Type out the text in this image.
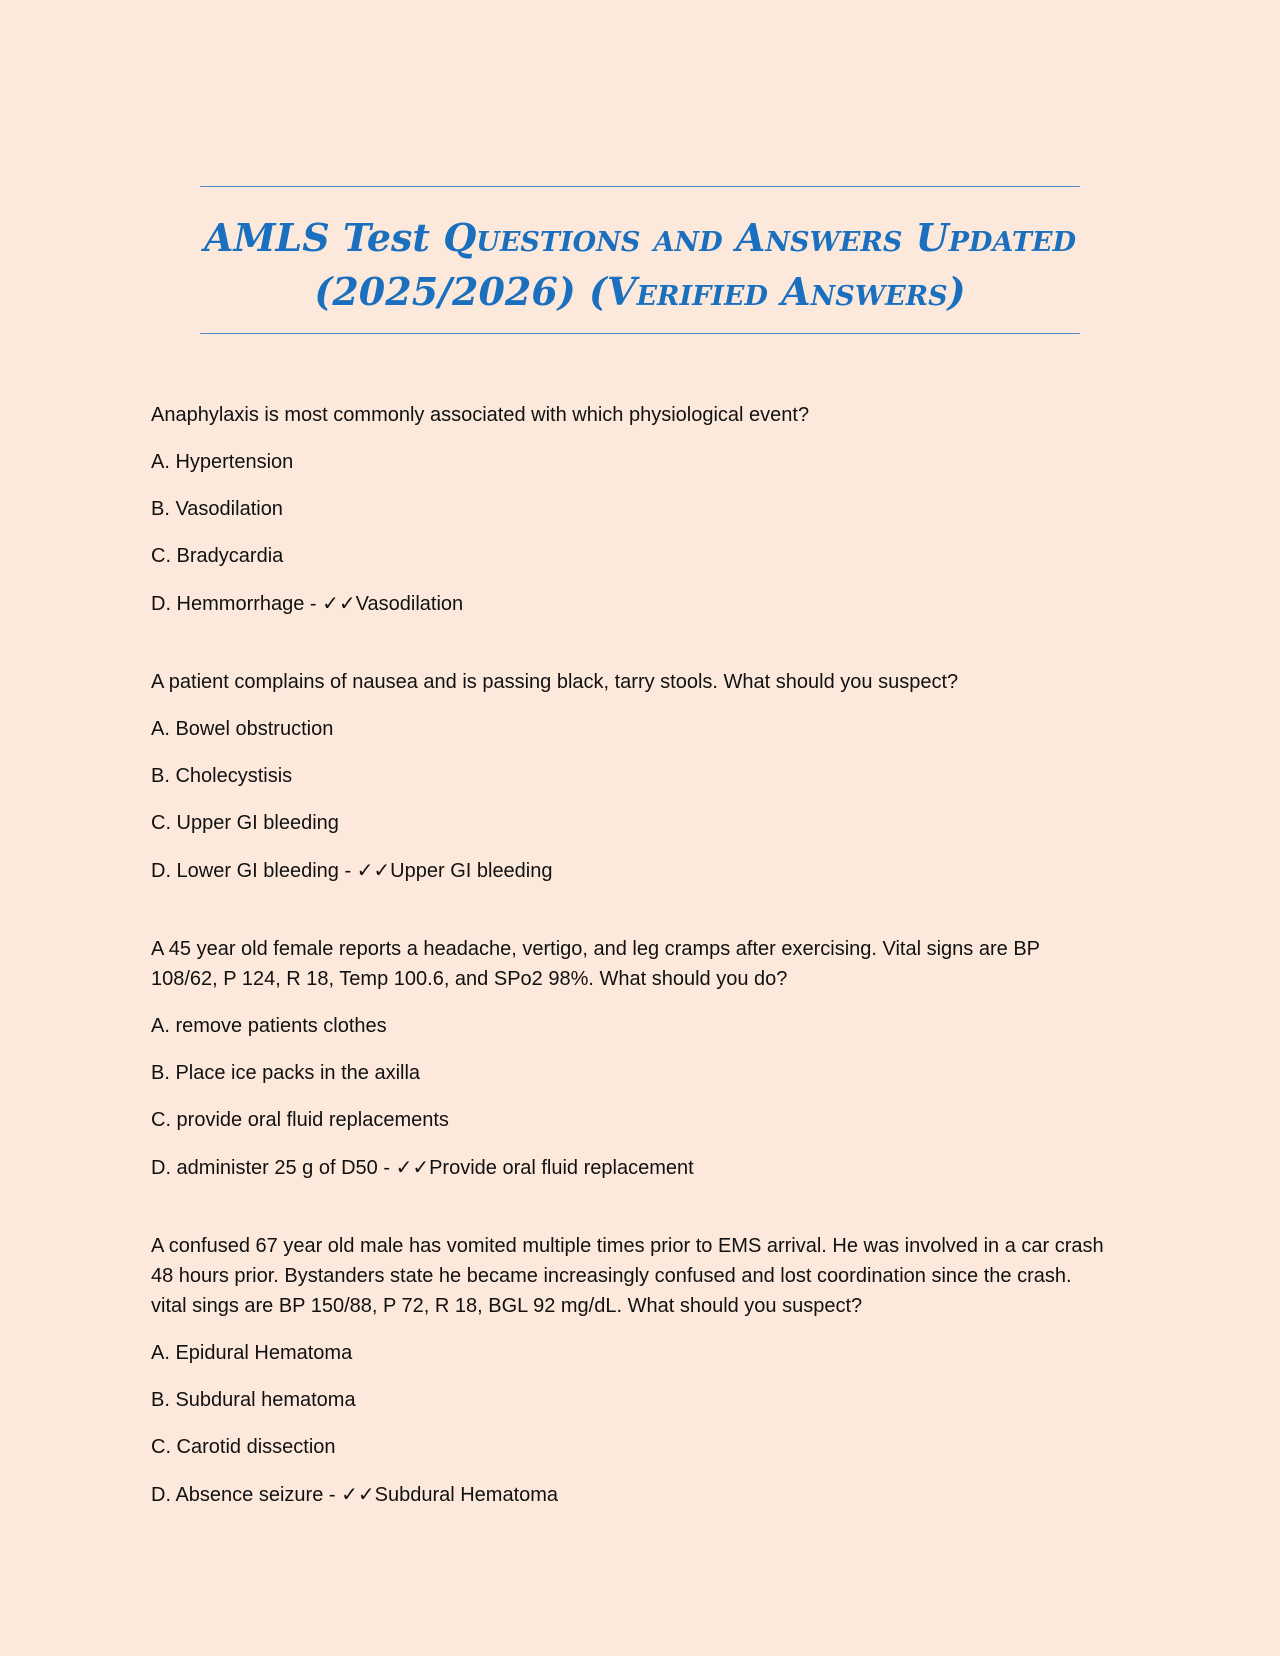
AMLS Test Questions and Answers Updated
(2025/2026) (Verified Answers)

Anaphylaxis is most commonly associated with which physiological event?

A. Hypertension

B. Vasodilation

C. Bradycardia

D. Hemmorrhage - ✓✓Vasodilation

A patient complains of nausea and is passing black, tarry stools. What should you suspect?

A. Bowel obstruction

B. Cholecystisis

C. Upper GI bleeding

D. Lower GI bleeding - ✓✓Upper GI bleeding

A 45 year old female reports a headache, vertigo, and leg cramps after exercising. Vital signs are BP 108/62, P 124, R 18, Temp 100.6, and SPo2 98%. What should you do?

A. remove patients clothes

B. Place ice packs in the axilla

C. provide oral fluid replacements

D. administer 25 g of D50 - ✓✓Provide oral fluid replacement

A confused 67 year old male has vomited multiple times prior to EMS arrival. He was involved in a car crash 48 hours prior. Bystanders state he became increasingly confused and lost coordination since the crash. vital sings are BP 150/88, P 72, R 18, BGL 92 mg/dL. What should you suspect?

A. Epidural Hematoma

B. Subdural hematoma

C. Carotid dissection

D. Absence seizure - ✓✓Subdural Hematoma
